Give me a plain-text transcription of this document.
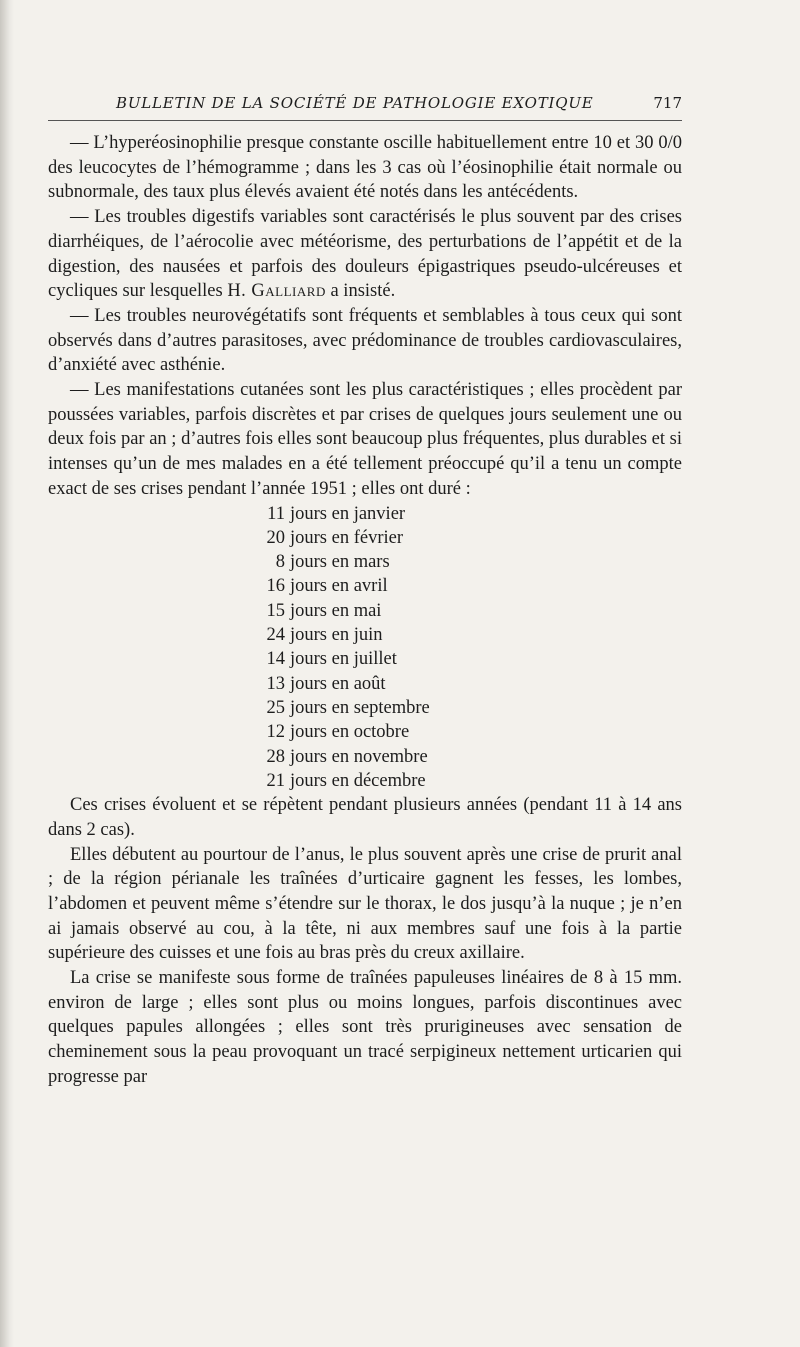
BULLETIN DE LA SOCIÉTÉ DE PATHOLOGIE EXOTIQUE	717

— L’hyperéosinophilie presque constante oscille habituellement entre 10 et 30 0/0 des leucocytes de l’hémogramme ; dans les 3 cas où l’éosinophilie était normale ou subnormale, des taux plus élevés avaient été notés dans les antécédents.

— Les troubles digestifs variables sont caractérisés le plus souvent par des crises diarrhéiques, de l’aérocolie avec météorisme, des perturbations de l’appétit et de la digestion, des nausées et parfois des douleurs épigastriques pseudo-ulcéreuses et cycliques sur lesquelles H. Galliard a insisté.

— Les troubles neurovégétatifs sont fréquents et semblables à tous ceux qui sont observés dans d’autres parasitoses, avec prédominance de troubles cardiovasculaires, d’anxiété avec asthénie.

— Les manifestations cutanées sont les plus caractéristiques ; elles procèdent par poussées variables, parfois discrètes et par crises de quelques jours seulement une ou deux fois par an ; d’autres fois elles sont beaucoup plus fréquentes, plus durables et si intenses qu’un de mes malades en a été tellement préoccupé qu’il a tenu un compte exact de ses crises pendant l’année 1951 ; elles ont duré :

11 jours en janvier
20 jours en février
8 jours en mars
16 jours en avril
15 jours en mai
24 jours en juin
14 jours en juillet
13 jours en août
25 jours en septembre
12 jours en octobre
28 jours en novembre
21 jours en décembre

Ces crises évoluent et se répètent pendant plusieurs années (pendant 11 à 14 ans dans 2 cas).

Elles débutent au pourtour de l’anus, le plus souvent après une crise de prurit anal ; de la région périanale les traînées d’urticaire gagnent les fesses, les lombes, l’abdomen et peuvent même s’étendre sur le thorax, le dos jusqu’à la nuque ; je n’en ai jamais observé au cou, à la tête, ni aux membres sauf une fois à la partie supérieure des cuisses et une fois au bras près du creux axillaire.

La crise se manifeste sous forme de traînées papuleuses linéaires de 8 à 15 mm. environ de large ; elles sont plus ou moins longues, parfois discontinues avec quelques papules allongées ; elles sont très prurigineuses avec sensation de cheminement sous la peau provoquant un tracé serpigineux nettement urticarien qui progresse par
